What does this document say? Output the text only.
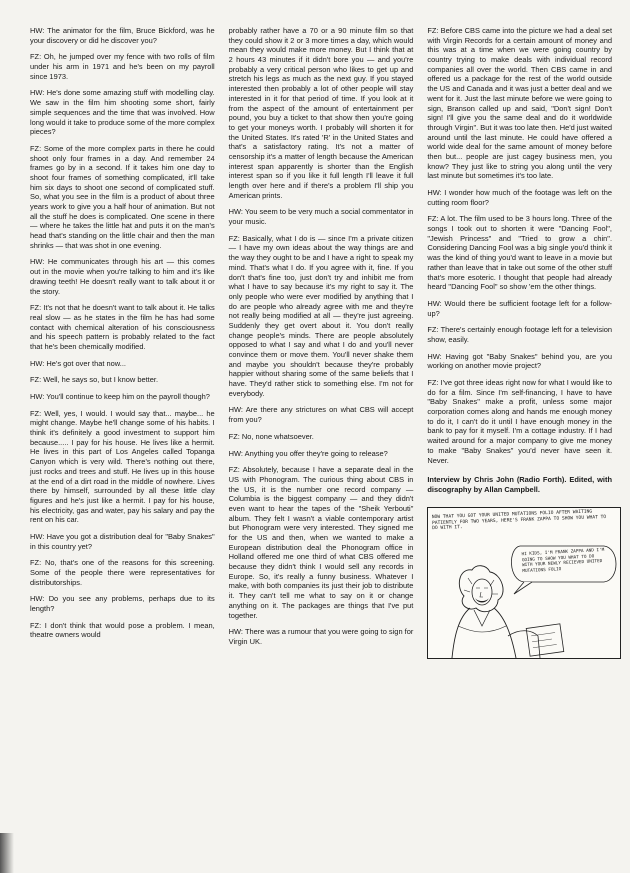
HW: The animator for the film, Bruce Bickford, was he your discovery or did he discover you?

FZ: Oh, he jumped over my fence with two rolls of film under his arm in 1971 and he's been on my payroll since 1973.

HW: He's done some amazing stuff with modelling clay. We saw in the film him shooting some short, fairly simple sequences and the time that was involved. How long would it take to produce some of the more complex pieces?

FZ: Some of the more complex parts in there he could shoot only four frames in a day. And remember 24 frames go by in a second. If it takes him one day to shoot four frames of something complicated, it'll take him six days to shoot one second of complicated stuff. So, what you see in the film is a product of about three years work to give you a half hour of animation. But not all the stuff he does is complicated. One scene in there — where he takes the little hat and puts it on the man's head that's standing on the little chair and then the man shrinks — that was shot in one evening.

HW: He communicates through his art — this comes out in the movie when you're talking to him and it's like drawing teeth! He doesn't really want to talk about it or the story.

FZ: It's not that he doesn't want to talk about it. He talks real slow — as he states in the film he has had some contact with chemical alteration of his consciousness and his speech pattern is probably related to the fact that he's been chemically modified.

HW: He's got over that now...

FZ: Well, he says so, but I know better.

HW: You'll continue to keep him on the payroll though?

FZ: Well, yes, I would. I would say that... maybe... he might change. Maybe he'll change some of his habits. I think it's definitely a good investment to support him because..... I pay for his house. He lives like a hermit. He lives in this part of Los Angeles called Topanga Canyon which is very wild. There's nothing out there, just rocks and trees and stuff. He lives up in this house at the end of a dirt road in the middle of nowhere. Lives there by himself, surrounded by all these little clay figures and he's just like a hermit. I pay for his house, his electricity, gas and water, pay his salary and pay the rent on his car.

HW: Have you got a distribution deal for "Baby Snakes" in this country yet?

FZ: No, that's one of the reasons for this screening. Some of the people there were representatives for distributorships.

HW: Do you see any problems, perhaps due to its length?

FZ: I don't think that would pose a problem. I mean, theatre owners would

probably rather have a 70 or a 90 minute film so that they could show it 2 or 3 more times a day, which would mean they would make more money. But I think that at 2 hours 43 minutes if it didn't bore you — and you're probably a very critical person who likes to get up and stretch his legs as much as the next guy. If you stayed interested then probably a lot of other people will stay interested in it for that period of time. If you look at it from the aspect of the amount of entertainment per pound, you buy a ticket to that show then you're going to get your moneys worth. I probably will shorten it for the United States. It's rated 'R' in the United States and that's a satisfactory rating. It's not a matter of censorship it's a matter of length because the American interest span apparently is shorter than the English interest span so if you like it full length I'll leave it full length over here and if there's a problem I'll ship you American prints.

HW: You seem to be very much a social commentator in your music.

FZ: Basically, what I do is — since I'm a private citizen — I have my own ideas about the way things are and the way they ought to be and I have a right to speak my mind. That's what I do. If you agree with it, fine. If you don't that's fine too, just don't try and inhibit me from what I have to say because it's my right to say it. The only people who were ever modified by anything that I do are people who already agree with me and they're not really being modified at all — they're just agreeing. Suddenly they get overt about it. You don't really change people's minds. There are people absolutely opposed to what I say and what I do and you'll never convince them or move them. You'll never shake them and maybe you shouldn't because they're probably happier without sharing some of the same beliefs that I have. They'd rather stick to something else. I'm not for everybody.

HW: Are there any strictures on what CBS will accept from you?

FZ: No, none whatsoever.

HW: Anything you offer they're going to release?

FZ: Absolutely, because I have a separate deal in the US with Phonogram. The curious thing about CBS in the US, it is the number one record company — Columbia is the biggest company — and they didn't even want to hear the tapes of the "Sheik Yerbouti" album. They felt I wasn't a viable contemporary artist but Phonogram were very interested. They signed me for the US and then, when we wanted to make a European distribution deal the Phonogram office in Holland offered me one third of what CBS offered me because they didn't think I would sell any records in Europe. So, it's really a funny business. Whatever I make, with both companies its just their job to distribute it. They can't tell me what to say on it or change anything on it. The packages are things that I've put together.

HW: There was a rumour that you were going to sign for Virgin UK.

FZ: Before CBS came into the picture we had a deal set with Virgin Records for a certain amount of money and this was at a time when we were going country by country trying to make deals with individual record companies all over the world. Then CBS came in and offered us a package for the rest of the world outside the US and Canada and it was just a better deal and we went for it. Just the last minute before we were going to sign, Branson called up and said, "Don't sign! Don't sign! I'll give you the same deal and do it worldwide through Virgin". But it was too late then. He'd just waited around until the last minute. He could have offered a world wide deal for the same amount of money before then but... people are just cagey business men, you know? They just like to string you along until the very last minute but sometimes it's too late.

HW: I wonder how much of the footage was left on the cutting room floor?

FZ: A lot. The film used to be 3 hours long. Three of the songs I took out to shorten it were "Dancing Fool", "Jewish Princess" and "Tried to grow a chin". Considering Dancing Fool was a big single you'd think it was the kind of thing you'd want to leave in a movie but rather than leave that in take out some of the other stuff that's more esoteric. I thought that people had already heard "Dancing Fool" so show 'em the other things.

HW: Would there be sufficient footage left for a follow-up?

FZ: There's certainly enough footage left for a television show, easily.

HW: Having got "Baby Snakes" behind you, are you working on another movie project?

FZ: I've got three ideas right now for what I would like to do for a film. Since I'm self-financing, I have to have "Baby Snakes" make a profit, unless some major corporation comes along and hands me enough money to do it, I can't do it until I have enough money in the bank to pay for it myself. I'm a cottage industry. If I had waited around for a major company to give me money to make "Baby Snakes" you'd never have seen it. Never.

Interview by Chris John (Radio Forth). Edited, with discography by Allan Campbell.

NOW THAT YOU GOT YOUR UNITED MUTATIONS FOLIO AFTER WAITING PATIENTLY FOR TWO YEARS, HERE'S FRANK ZAPPA TO SHOW YOU WHAT TO DO WITH IT.
HI KIDS, I'M FRANK ZAPPA AND I'M GOING TO SHOW YOU WHAT TO DO WITH YOUR NEWLY RECIEVED UNITED MUTATIONS FOLIO
